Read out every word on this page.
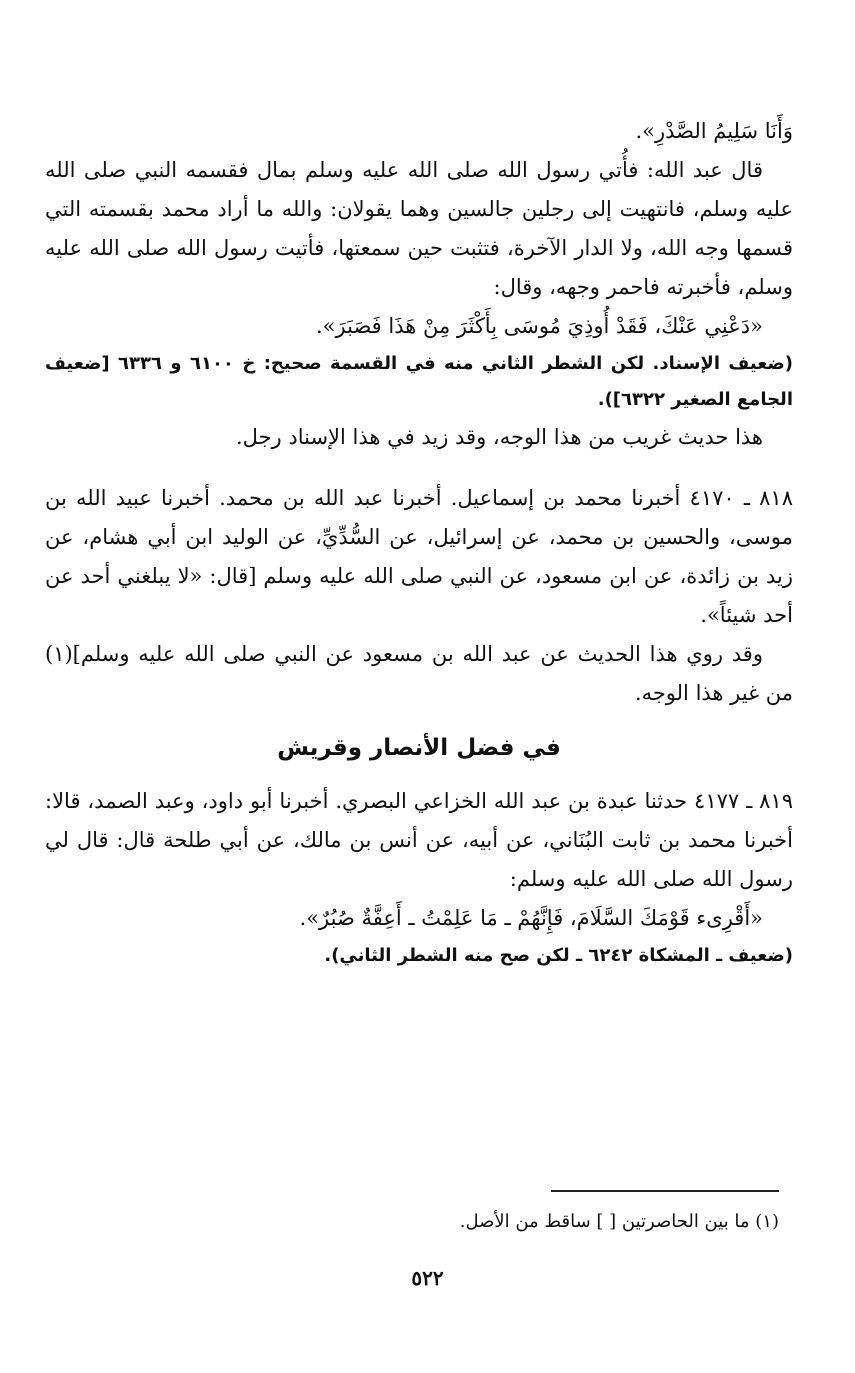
وَأَنَا سَلِيمُ الصَّدْرِ».

قال عبد الله: فأُتي رسول الله صلى الله عليه وسلم بمال فقسمه النبي صلى الله عليه وسلم، فانتهيت إلى رجلين جالسين وهما يقولان: والله ما أراد محمد بقسمته التي قسمها وجه الله، ولا الدار الآخرة، فتثبت حين سمعتها، فأتيت رسول الله صلى الله عليه وسلم، فأخبرته فاحمر وجهه، وقال:

«دَعْنِي عَنْكَ، فَقَدْ أُوذِيَ مُوسَى بِأَكْثَرَ مِنْ هَذَا فَصَبَرَ».

(ضعيف الإسناد. لكن الشطر الثاني منه في القسمة صحيح: خ ٦١٠٠ و ٦٣٣٦ [ضعيف الجامع الصغير ٦٣٢٢]).

هذا حديث غريب من هذا الوجه، وقد زيد في هذا الإسناد رجل.

٨١٨ ـ ٤١٧٠ أخبرنا محمد بن إسماعيل. أخبرنا عبد الله بن محمد. أخبرنا عبيد الله بن موسى، والحسين بن محمد، عن إسرائيل، عن السُّدِّيِّ، عن الوليد ابن أبي هشام، عن زيد بن زائدة، عن ابن مسعود، عن النبي صلى الله عليه وسلم [قال: «لا يبلغني أحد عن أحد شيئاً».

وقد روي هذا الحديث عن عبد الله بن مسعود عن النبي صلى الله عليه وسلم](١) من غير هذا الوجه.

في فضل الأنصار وقريش

٨١٩ ـ ٤١٧٧ حدثنا عبدة بن عبد الله الخزاعي البصري. أخبرنا أبو داود، وعبد الصمد، قالا: أخبرنا محمد بن ثابت البُنَاني، عن أبيه، عن أنس بن مالك، عن أبي طلحة قال: قال لي رسول الله صلى الله عليه وسلم:

«أَقْرِىء قَوْمَكَ السَّلَامَ، فَإِنَّهُمْ ـ مَا عَلِمْتُ ـ أَعِفَّةٌ صُبُرٌ».

(ضعيف ـ المشكاة ٦٢٤٢ ـ لكن صح منه الشطر الثاني).

(١) ما بين الحاصرتين [ ] ساقط من الأصل.
٥٢٢
